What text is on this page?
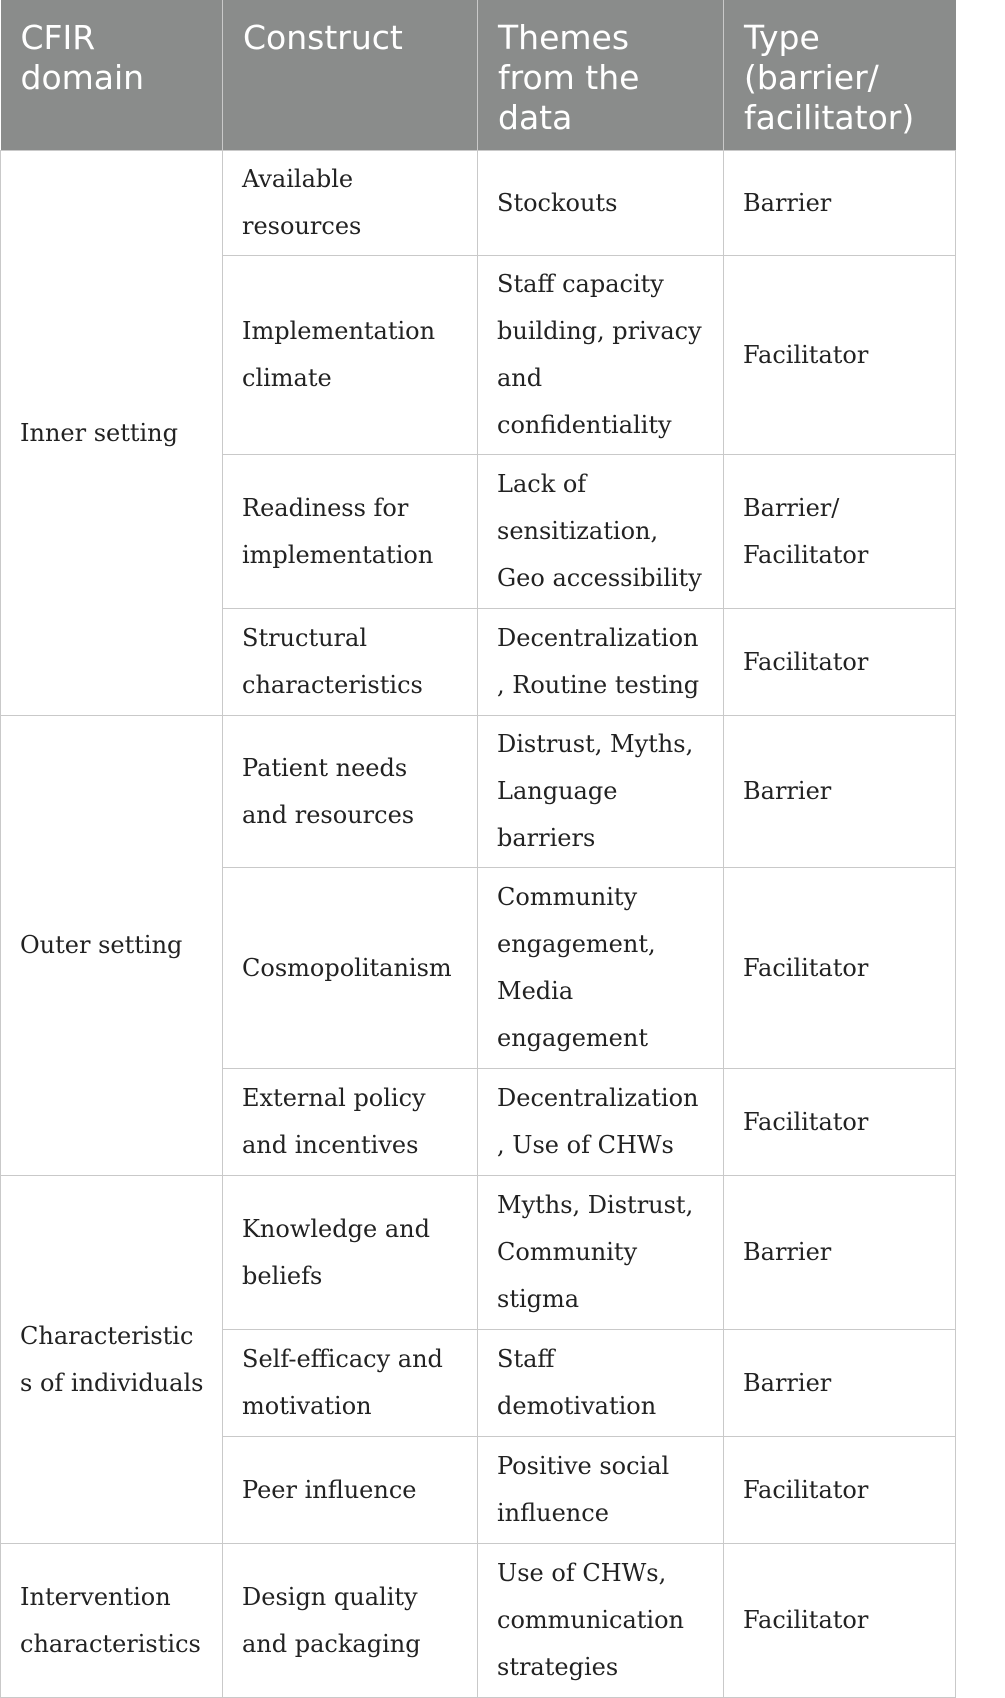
CFIR domain	Construct	Themes from the data	Type (barrier/ facilitator)
Inner setting	Available resources	Stockouts	Barrier
	Implementation climate	Staff capacity building, privacy and confidentiality	Facilitator
	Readiness for implementation	Lack of sensitization, Geo accessibility	Barrier/ Facilitator
	Structural characteristics	Decentralization, Routine testing	Facilitator
Outer setting	Patient needs and resources	Distrust, Myths, Language barriers	Barrier
	Cosmopolitanism	Community engagement, Media engagement	Facilitator
	External policy and incentives	Decentralization, Use of CHWs	Facilitator
Characteristics of individuals	Knowledge and beliefs	Myths, Distrust, Community stigma	Barrier
	Self-efficacy and motivation	Staff demotivation	Barrier
	Peer influence	Positive social influence	Facilitator
Intervention characteristics	Design quality and packaging	Use of CHWs, communication strategies	Facilitator
